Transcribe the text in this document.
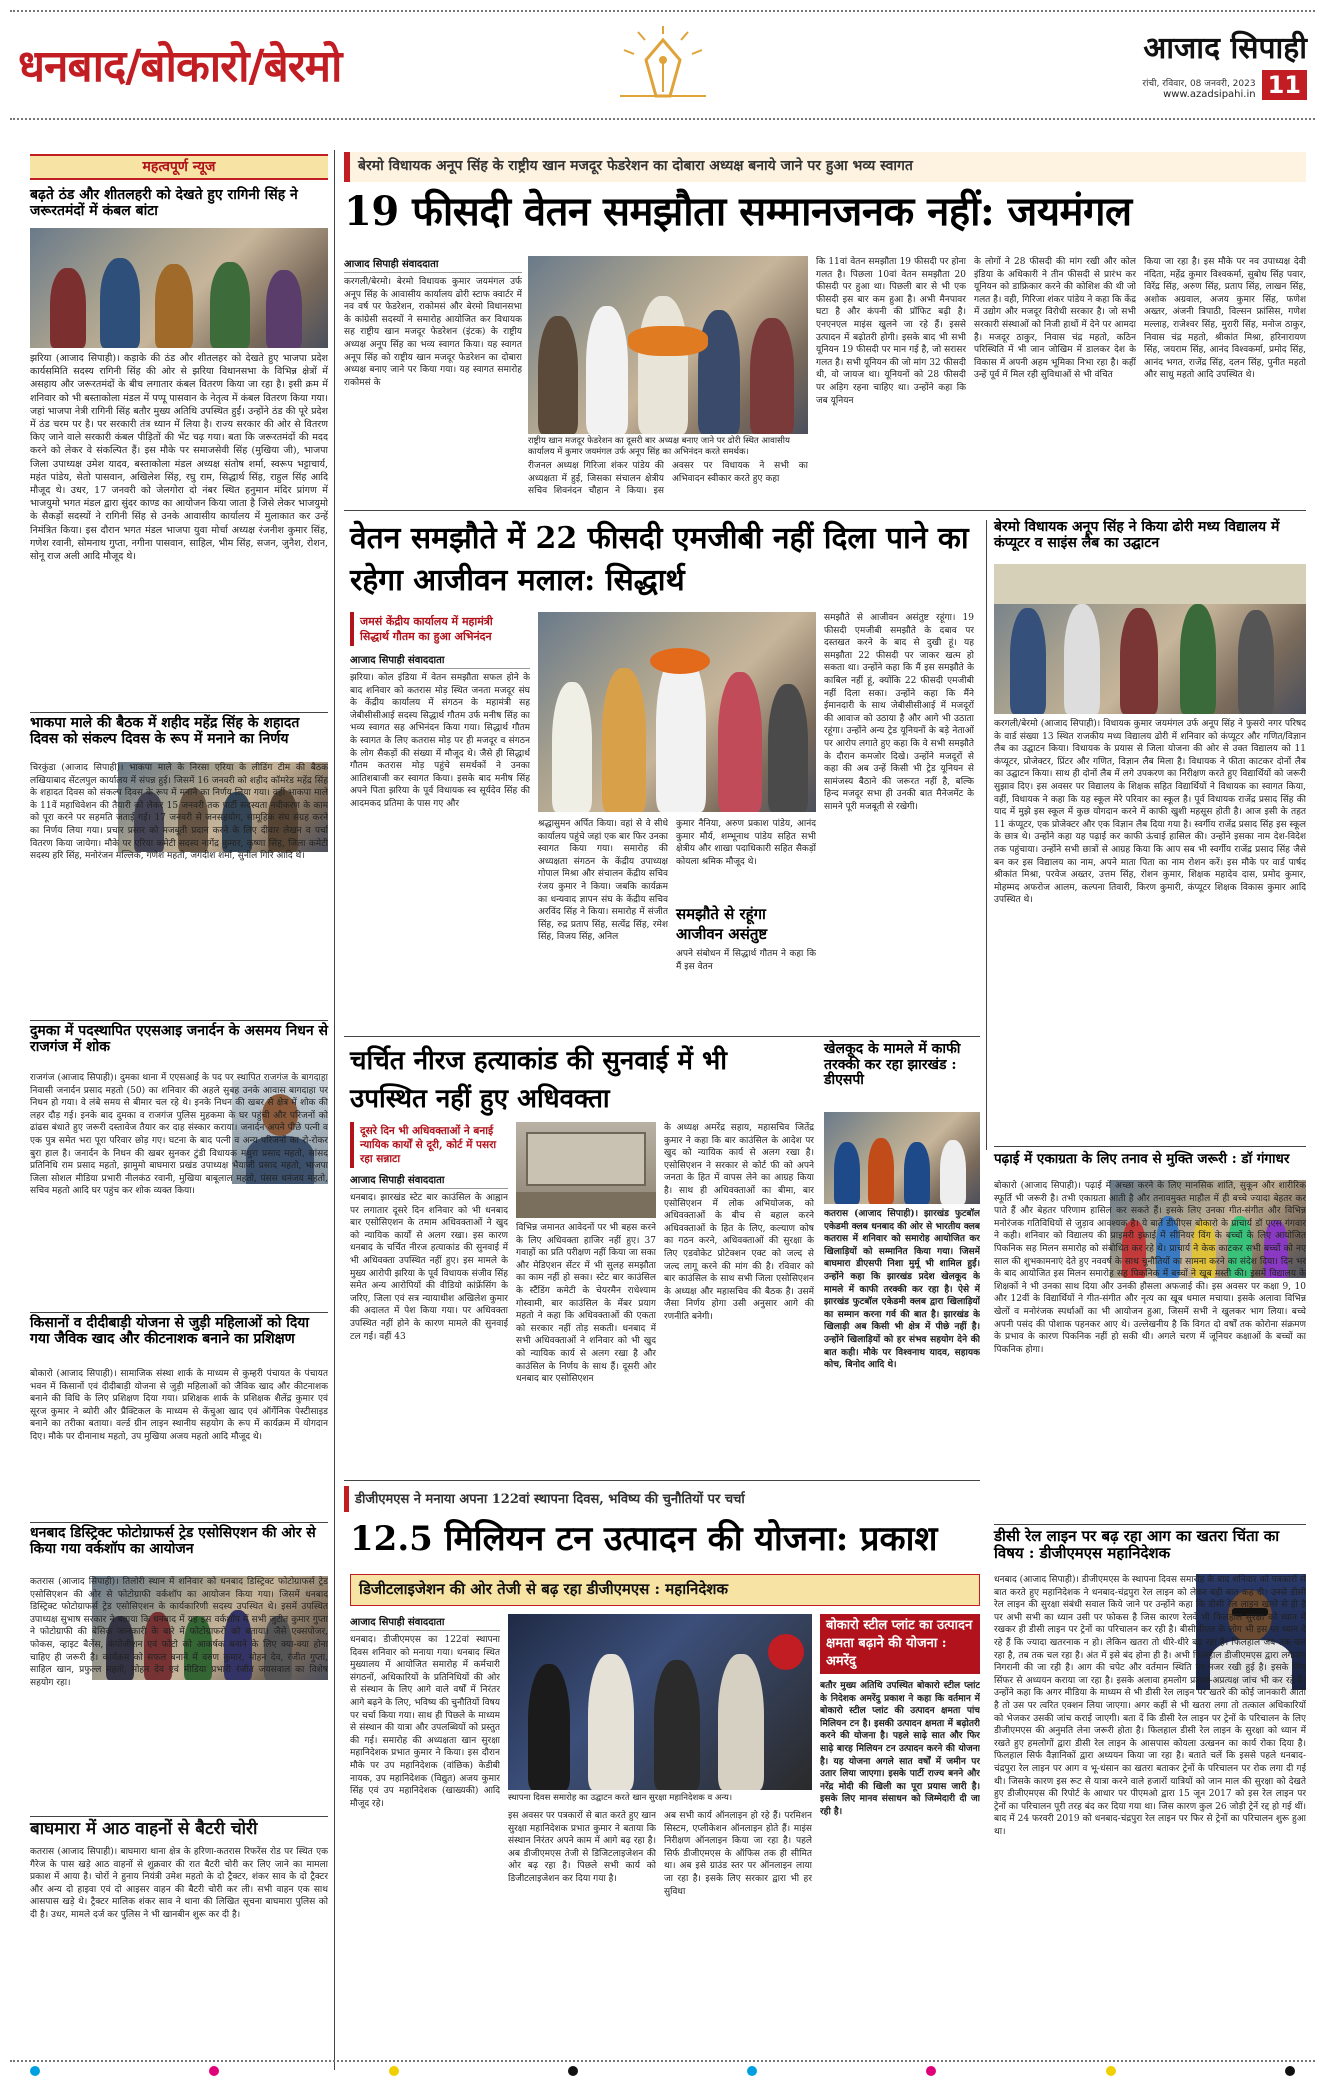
धनबाद/बोकारो/बेरमो	आजाद सिपाही
रांची, रविवार, 08 जनवरी, 2023
www.azadsipahi.in 11
महत्वपूर्ण न्यूज
बढ़ते ठंड और शीतलहरी को देखते हुए रागिनी सिंह ने जरूरतमंदों में कंबल बांटा
झरिया (आजाद सिपाही)। कड़ाके की ठंड और शीतलहर को देखते हुए भाजपा प्रदेश कार्यसमिति सदस्य रागिनी सिंह की ओर से झरिया विधानसभा के विभिन्न क्षेत्रों में असहाय और जरूरतमंदों के बीच लगातार कंबल वितरण किया जा रहा है। इसी क्रम में शनिवार को भी बस्ताकोला मंडल में पप्पू पासवान के नेतृत्व में कंबल वितरण किया गया। जहां भाजपा नेत्री रागिनी सिंह बतौर मुख्य अतिथि उपस्थित हुईं। उन्होंने ठंड की पूरे प्रदेश में ठंड चरम पर है। पर सरकारी तंत्र ध्यान में लिया है। राज्य सरकार की ओर से वितरण किए जाने वाले सरकारी कंबल पीड़ितों की भेंट चढ़ गया। बता कि जरूरतमंदों की मदद करने को लेकर वे संकल्पित हैं। इस मौके पर समाजसेवी सिंह (मुखिया जी), भाजपा जिला उपाध्यक्ष उमेश यादव, बस्ताकोला मंडल अध्यक्ष संतोष शर्मा, स्वरूप भट्टाचार्य, महंत पांडेय, सेतो पासवान, अखिलेश सिंह, रघु राम, सिद्धार्थ सिंह, राहुल सिंह आदि मौजूद थे। उधर, 17 जनवरी को जेलगोरा दो नंबर स्थित हनुमान मंदिर प्रांगण में भाजयुमो भगत मंडल द्वारा सुंदर काण्ड का आयोजन किया जाता है जिसे लेकर भाजयुमो के सैकड़ों सदस्यों ने रागिनी सिंह से उनके आवासीय कार्यालय में मुलाकात कर उन्हें निमंत्रित किया। इस दौरान भगत मंडल भाजपा युवा मोर्चा अध्यक्ष रंजनीश कुमार सिंह, गणेश रवानी, सोमनाथ गुप्ता, नगीना पासवान, साहिल, भीम सिंह, सजन, जुनैश, रोशन, सोनू राज अली आदि मौजूद थे।
भाकपा माले की बैठक में शहीद महेंद्र सिंह के शहादत दिवस को संकल्प दिवस के रूप में मनाने का निर्णय
चिरकुंडा (आजाद सिपाही)। भाकपा माले के निरसा एरिया के लीडिंग टीम की बैठक लखियाबाद सेंटलपुल कार्यालय में संपन्न हुई। जिसमें 16 जनवरी को शहीद कॉमरेड महेंद्र सिंह के शहादत दिवस को संकल्प दिवस के रूप में मनाने का निर्णय लिया गया। वहीं भाकपा माले के 11वें महाधिवेशन की तैयारी को लेकर 15 जनवरी तक पार्टी सदस्यता नवीकरण के काम को पूरा करने पर सहमति जताई गई। 17 जनवरी से जनसहयोग, सामूहिक संघ संग्रह करने का निर्णय लिया गया। प्रचार प्रसार को मजबूती प्रदान करने के लिए दीवार लेखन व पर्चा वितरण किया जायेगा। मौके पर एरिया कमेटी सदस्य नागेंद्र कुमार, कृष्णा सिंह, जिला कमेटी सदस्य हरि सिंह, मनोरंजन मल्लिक, गणेश महतो, जगदीश शर्मा, सुनील गिरि आदि थे।
दुमका में पदस्थापित एएसआइ जनार्दन के असमय निधन से राजगंज में शोक
राजगंज (आजाद सिपाही)। दुमका थाना में एएसआई के पद पर स्थापित राजगंज के बागदाहा निवासी जनार्दन प्रसाद महतो (50) का शनिवार की अहले सुबह उनके आवास बागदाहा पर निधन हो गया। वे लंबे समय से बीमार चल रहे थे। इनके निधन की खबर से क्षेत्र में शोक की लहर दौड़ गई। इनके बाद दुमका व राजगंज पुलिस मुहकमा के घर पहुंची और परिजनों को ढांढस बंधाते हुए जरूरी दस्तावेज तैयार कर दाह संस्कार कराया। जनार्दन अपने पीछे पत्नी व एक पुत्र समेत भरा पूरा परिवार छोड़ गए। घटना के बाद पत्नी व अन्य परिजनों का रो-रोकर बुरा हाल है। जनार्दन के निधन की खबर सुनकर टुंडी विधायक मथुरा प्रसाद महतो, सांसद प्रतिनिधि राम प्रसाद महतो, झामुमो बाघमारा प्रखंड उपाध्यक्ष भैयाजी प्रसाद महतो, भाजपा जिला सोशल मीडिया प्रभारी नीलकंठ रवानी, मुखिया बाबूलाल महतो, पंसस धनंजय महतो, सचिव महतो आदि घर पहुंच कर शोक व्यक्त किया।
किसानों व दीदीबाड़ी योजना से जुड़ी महिलाओं को दिया गया जैविक खाद और कीटनाशक बनाने का प्रशिक्षण
बोकारो (आजाद सिपाही)। सामाजिक संस्था शार्क के माध्यम से कुम्हरी पंचायत के पंचायत भवन में किसानों एवं दीदीबाड़ी योजना से जुड़ी महिलाओं को जैविक खाद और कीटनाशक बनाने की विधि के लिए प्रशिक्षण दिया गया। प्रशिक्षक शार्क के प्रशिक्षक शैलेंद्र कुमार एवं सूरज कुमार ने ब्योरी और प्रैक्टिकल के माध्यम से केंचुआ खाद एवं ऑर्गेनिक पेस्टीसाइड बनाने का तरीका बताया। वर्ल्ड ग्रीन लाइन स्थानीय सहयोग के रूप में कार्यक्रम में योगदान दिए। मौके पर दीनानाथ महतो, उप मुखिया अजय महतो आदि मौजूद थे।
धनबाद डिस्ट्रिक्ट फोटोग्राफर्स ट्रेड एसोसिएशन की ओर से किया गया वर्कशॉप का आयोजन
कतरास (आजाद सिपाही)। तिलोरी स्थान में शनिवार को धनबाद डिस्ट्रिक्ट फोटोग्राफर्स ट्रेड एसोसिएशन की ओर से फोटोग्राफी वर्कशॉप का आयोजन किया गया। जिसमें धनबाद डिस्ट्रिक्ट फोटोग्राफर्स ट्रेड एसोसिएशन के कार्यकारिणी सदस्य उपस्थित थे। इसमें उपस्थित उपाध्यक्ष सुभाष सरकार ने बताया कि धनबाद में यह इस वर्कशॉप में सभी जुटीत कुमार गुप्ता ने फोटोग्राफी की बेसिक जानकारी के बारे में फोटोग्राफरों को बताया। जैसे एक्सपोजर, फोकस, व्हाइट बैलेंस, कंपोजीशन एवं फोटो को आकर्षक बनाने के लिए क्या-क्या होना चाहिए ही जरूरी है। कार्यक्रम को सफल बनाने में वरुण कुमार, मोहन देव, रंजीत गुप्ता, साहिल खान, प्रफुल्ल महतो, मोहन देव एवं मीडिया प्रभारी रंजीत जयसवाल का विशेष सहयोग रहा।
बाघमारा में आठ वाहनों से बैटरी चोरी
कतरास (आजाद सिपाही)। बाघमारा थाना क्षेत्र के हरिणा-कतरास रिफरेंस रोड पर स्थित एक गैरेज के पास खड़े आठ वाहनों से शुक्रवार की रात बैटरी चोरी कर लिए जाने का मामला प्रकाश में आया है। चोरों ने हुनाय नियंत्री उमेश महतो के दो ट्रैक्टर, शंकर साव के दो ट्रैक्टर और अन्य दो हाइवा एवं दो आइसर वाहन की बैटरी चोरी कर ली। सभी वाहन एक साथ आसपास खड़े थे। ट्रैक्टर मालिक शंकर साव ने थाना की लिखित सूचना बाघमारा पुलिस को दी है। उधर, मामले दर्ज कर पुलिस ने भी खानबीन शुरू कर दी है।
बेरमो विधायक अनूप सिंह के राष्ट्रीय खान मजदूर फेडरेशन का दोबारा अध्यक्ष बनाये जाने पर हुआ भव्य स्वागत
19 फीसदी वेतन समझौता सम्मानजनक नहीं: जयमंगल
आजाद सिपाही संवाददाता
करगली/बेरमो। बेरमो विधायक कुमार जयमंगल उर्फ अनूप सिंह के आवासीय कार्यालय ढोरी स्टाफ क्वार्टर में नव वर्ष पर फेडरेशन, राकोमसं और बेरमो विधानसभा के कांग्रेसी सदस्यों ने समारोह आयोजित कर विधायक सह राष्ट्रीय खान मजदूर फेडरेशन (इंटक) के राष्ट्रीय अध्यक्ष अनूप सिंह का भव्य स्वागत किया। यह स्वागत अनूप सिंह को राष्ट्रीय खान मजदूर फेडरेशन का दोबारा अध्यक्ष बनाए जाने पर किया गया। यह स्वागत समारोह राकोमसं के
राष्ट्रीय खान मजदूर फेडरेशन का दूसरी बार अध्यक्ष बनाए जाने पर ढोरी स्थित आवासीय कार्यालय में कुमार जयमंगल उर्फ अनूप सिंह का अभिनंदन करते समर्थक।
रीजनल अध्यक्ष गिरिजा शंकर पांडेय की अध्यक्षता में हुई, जिसका संचालन क्षेत्रीय सचिव शिवनंदन चौहान ने किया। इस अवसर पर विधायक ने सभी का अभिवादन स्वीकार करते हुए कहा
कि 11वां वेतन समझौता 19 फीसदी पर होना गलत है। पिछला 10वां वेतन समझौता 20 फीसदी पर हुआ था। पिछली बार से भी एक फीसदी इस बार कम हुआ है। अभी मैनपावर घटा है और कंपनी की प्रॉफिट बढ़ी है। एनएनएल माइंस खुलने जा रहे हैं। इससे उत्पादन में बढ़ोतरी होगी। इसके बाद भी सभी यूनियन 19 फीसदी पर मान गई है, जो सरासर गलत है। सभी यूनियन की जो मांग 32 फीसदी थी, वो जायज था। यूनियनों को 28 फीसदी पर अड़िग रहना चाहिए था। उन्होंने कहा कि जब यूनियन
के लोगों ने 28 फीसदी की मांग रखी और कोल इंडिया के अधिकारी ने तीन फीसदी से प्रारंभ कर यूनियन को डाफ्रिकार करने की कोशिश की थी जो गलत है। वही, गिरिजा शंकर पांडेय ने कहा कि केंद्र में उद्योग और मजदूर विरोधी सरकार है। जो सभी सरकारी संस्थाओं को निजी हाथों में देने पर आमदा है। मजदूर ठाकुर, निवास चंद्र महतो, कठिन परिस्थिति में भी जान जोखिम में डालकर देश के विकास में अपनी अहम भूमिका निभा रहा है। कहीं उन्हें पूर्व में मिल रही सुविधाओं से भी वंचित
किया जा रहा है। इस मौके पर नव उपाध्यक्ष देवी नंदिता, महेंद्र कुमार विश्वकर्मा, सुबोध सिंह पवार, विरेंद्र सिंह, अरुण सिंह, प्रताप सिंह, लाखन सिंह, अशोक अग्रवाल, अजय कुमार सिंह, फणेश अख्तर, अंजनी त्रिपाठी, विल्सन फ्रांसिस, गणेश मल्लाह, राजेश्वर सिंह, मुरारी सिंह, मनोज ठाकुर, निवास चंद्र महतो, श्रीकांत मिश्रा, हरिनारायण सिंह, जयराम सिंह, आनंद विश्वकर्मा, प्रमोद सिंह, आनंद भगत, राजेंद्र सिंह, दलन सिंह, पुनीत महतो और साधु महतो आदि उपस्थित थे।
वेतन समझौते में 22 फीसदी एमजीबी नहीं दिला पाने का रहेगा आजीवन मलाल: सिद्धार्थ
जमसं केंद्रीय कार्यालय में महामंत्री सिद्धार्थ गौतम का हुआ अभिनंदन
आजाद सिपाही संवाददाता
झरिया। कोल इंडिया में वेतन समझौता सफल होने के बाद शनिवार को कतरास मोड़ स्थित जनता मजदूर संघ के केंद्रीय कार्यालय में संगठन के महामंत्री सह जेबीसीसीआई सदस्य सिद्धार्थ गौतम उर्फ मनीष सिंह का भव्य स्वागत सह अभिनंदन किया गया। सिद्धार्थ गौतम के स्वागत के लिए कतरास मोड़ पर ही मजदूर व संगठन के लोग सैकड़ों की संख्या में मौजूद थे। जैसे ही सिद्धार्थ गौतम कतरास मोड़ पहुंचे समर्थकों ने उनका आतिशबाजी कर स्वागत किया। इसके बाद मनीष सिंह अपने पिता झरिया के पूर्व विधायक स्व सूर्यदेव सिंह की आदमकद प्रतिमा के पास गए और
श्रद्धासुमन अर्पित किया। वहां से वे सीधे कार्यालय पहुंचे जहां एक बार फिर उनका स्वागत किया गया। समारोह की अध्यक्षता संगठन के केंद्रीय उपाध्यक्ष गोपाल मिश्रा और संचालन केंद्रीय सचिव रंजय कुमार ने किया। जबकि कार्यक्रम का धन्यवाद ज्ञापन संघ के केंद्रीय सचिव अरविंद सिंह ने किया। समारोह में संजीत सिंह, रुद्र प्रताप सिंह, सत्येंद्र सिंह, रमेश सिंह, विजय सिंह, अनिल
कुमार नैनिया, अरुण प्रकाश पांडेय, आनंद कुमार मौर्य, शम्भूनाथ पांडेय सहित सभी क्षेत्रीय और शाखा पदाधिकारी सहित सैकड़ों कोयला श्रमिक मौजूद थे।
समझौते से रहूंगा आजीवन असंतुष्ट
अपने संबोधन में सिद्धार्थ गौतम ने कहा कि मैं इस वेतन
समझौते से आजीवन असंतुष्ट रहूंगा। 19 फीसदी एमजीबी समझौते के दबाव पर दस्तखत करने के बाद से दुखी हूं। यह समझौता 22 फीसदी पर जाकर खत्म हो सकता था। उन्होंने कहा कि मैं इस समझौते के काबिल नहीं हूं, क्योंकि 22 फीसदी एमजीबी नहीं दिला सका। उन्होंने कहा कि मैंने ईमानदारी के साथ जेबीसीसीआई में मजदूरों की आवाज को उठाया है और आगे भी उठाता रहूंगा। उन्होंने अन्य ट्रेड यूनियनों के बड़े नेताओं पर आरोप लगाते हुए कहा कि वे सभी समझौते के दौरान कमजोर दिखे। उन्होंने मजदूरों से कहा की अब उन्हें किसी भी ट्रेड यूनियन से सामंजस्य बैठाने की जरूरत नहीं है, बल्कि हिन्द मजदूर सभा ही उनकी बात मैनेजमेंट के सामने पूरी मजबूती से रखेगी।
बेरमो विधायक अनूप सिंह ने किया ढोरी मध्य विद्यालय में कंप्यूटर व साइंस लैब का उद्घाटन
करगली/बेरमो (आजाद सिपाही)। विधायक कुमार जयमंगल उर्फ अनूप सिंह ने फुसरो नगर परिषद के वार्ड संख्या 13 स्थित राजकीय मध्य विद्यालय ढोरी में शनिवार को कंप्यूटर और गणित/विज्ञान लैब का उद्घाटन किया। विधायक के प्रयास से जिला योजना की ओर से उक्त विद्यालय को 11 कंप्यूटर, प्रोजेक्टर, प्रिंटर और गणित, विज्ञान लैब मिला है। विधायक ने फीता काटकर दोनों लैब का उद्घाटन किया। साथ ही दोनों लैब में लगे उपकरण का निरीक्षण करते हुए विद्यार्थियों को जरूरी सुझाव दिए। इस अवसर पर विद्यालय के शिक्षक सहित विद्यार्थियों ने विधायक का स्वागत किया, वहीं, विधायक ने कहा कि यह स्कूल मेरे परिवार का स्कूल है। पूर्व विधायक राजेंद्र प्रसाद सिंह की याद में मुझे इस स्कूल में कुछ योगदान करने में काफी खुशी महसूस होती है। आज इसी के तहत 11 कंप्यूटर, एक प्रोजेक्टर और एक विज्ञान लैब दिया गया है। स्वर्गीय राजेंद्र प्रसाद सिंह इस स्कूल के छात्र थे। उन्होंने कहा यह पढ़ाई कर काफी ऊंचाई हासिल की। उन्होंने इसका नाम देश-विदेश तक पहुंचाया। उन्होंने सभी छात्रों से आग्रह किया कि आप सब भी स्वर्गीय राजेंद्र प्रसाद सिंह जैसे बन कर इस विद्यालय का नाम, अपने माता पिता का नाम रोशन करें। इस मौके पर वार्ड पार्षद श्रीकांत मिश्रा, परवेज अख्तर, उत्तम सिंह, रोशन कुमार, शिक्षक महादेव दास, प्रमोद कुमार, मोहम्मद अफरोज आलम, कल्पना तिवारी, किरण कुमारी, कंप्यूटर शिक्षक विकास कुमार आदि उपस्थित थे।
चर्चित नीरज हत्याकांड की सुनवाई में भी उपस्थित नहीं हुए अधिवक्ता
दूसरे दिन भी अधिवक्ताओं ने बनाई न्यायिक कार्यों से दूरी, कोर्ट में पसरा रहा सन्नाटा
आजाद सिपाही संवाददाता
धनबाद। झारखंड स्टेट बार काउंसिल के आह्वान पर लगातार दूसरे दिन शनिवार को भी धनबाद बार एसोसिएशन के तमाम अधिवक्ताओं ने खुद को न्यायिक कार्यों से अलग रखा। इस कारण धनबाद के चर्चित नीरज हत्याकांड की सुनवाई में भी अधिवक्ता उपस्थित नहीं हुए। इस मामले के मुख्य आरोपी झरिया के पूर्व विधायक संजीव सिंह समेत अन्य आरोपियों की वीडियो कांफ्रेंसिंग के जरिए, जिला एवं सत्र न्यायाधीश अखिलेश कुमार की अदालत में पेश किया गया। पर अधिवक्ता उपस्थित नहीं होने के कारण मामले की सुनवाई टल गई। वहीं 43
विभिन्न जमानत आवेदनों पर भी बहस करने के लिए अधिवक्ता हाजिर नहीं हुए। 37 गवाहों का प्रति परीक्षण नहीं किया जा सका और मेडिएशन सेंटर में भी सुलह समझौता का काम नहीं हो सका। स्टेट बार काउंसिल के स्टैंडिंग कमेटी के चेयरमैन राधेश्याम गोस्वामी, बार काउंसिल के मेंबर प्रयाग महतो ने कहा कि अधिवक्ताओं की एकता को सरकार नहीं तोड़ सकती। धनबाद में सभी अधिवक्ताओं ने शनिवार को भी खुद को न्यायिक कार्य से अलग रखा है और काउंसिल के निर्णय के साथ हैं। दूसरी ओर धनबाद बार एसोसिएशन
के अध्यक्ष अमरेंद्र सहाय, महासचिव जितेंद्र कुमार ने कहा कि बार काउंसिल के आदेश पर खुद को न्यायिक कार्य से अलग रखा है। एसोसिएशन ने सरकार से कोर्ट फी को अपने जनता के हित में वापस लेने का आग्रह किया है। साथ ही अधिवक्ताओं का बीमा, बार एसोसिएशन में लोक अभियोजक, को अधिवक्ताओं के बीच से बहाल करने अधिवक्ताओं के हित के लिए, कल्याण कोष का गठन करने, अधिवक्ताओं की सुरक्षा के लिए एडवोकेट प्रोटेक्शन एक्ट को जल्द से जल्द लागू करने की मांग की है। रविवार को बार काउंसिल के साथ सभी जिला एसोसिएशन के अध्यक्ष और महासचिव की बैठक है। उसमें जैसा निर्णय होगा उसी अनुसार आगे की रणनीति बनेगी।
खेलकूद के मामले में काफी तरक्की कर रहा झारखंड : डीएसपी
कतरास (आजाद सिपाही)। झारखंड फुटबॉल एकेडमी क्लब धनबाद की ओर से भारतीय क्लब कतरास में शनिवार को समारोह आयोजित कर खिलाड़ियों को सम्मानित किया गया। जिसमें बाघमारा डीएसपी निशा मुर्मू भी शामिल हुईं। उन्होंने कहा कि झारखंड प्रदेश खेलकूद के मामले में काफी तरक्की कर रहा है। ऐसे में झारखंड फुटबॉल एकेडमी क्लब द्वारा खिलाड़ियों का सम्मान करना गर्व की बात है। झारखंड के खिलाड़ी अब किसी भी क्षेत्र में पीछे नहीं है। उन्होंने खिलाड़ियों को हर संभव सहयोग देने की बात कही। मौके पर विश्वनाथ यादव, सहायक कोच, बिनोद आदि थे।
पढ़ाई में एकाग्रता के लिए तनाव से मुक्ति जरूरी : डॉ गंगाधर
बोकारो (आजाद सिपाही)। पढ़ाई में अच्छा करने के लिए मानसिक शांति, सुकून और शारीरिक स्फूर्ति भी जरूरी है। तभी एकाग्रता आती है और तनावमुक्त माहौल में ही बच्चे ज्यादा बेहतर कर पाते हैं और बेहतर परिणाम हासिल कर सकते हैं। इसके लिए उनका गीत-संगीत और विभिन्न मनोरंजक गतिविधियों से जुड़ाव आवश्यक है। ये बातें डीपीएस बोकारो के प्राचार्य डॉ एएस गंगवार ने कही। शनिवार को विद्यालय की प्राइमरी इकाई में सीनियर विंग के बच्चों के लिए आयोजित पिकनिक सह मिलन समारोह को संबोधित कर रहे थे। प्राचार्य ने केक काटकर सभी बच्चों को नए साल की शुभकामनाएं देते हुए नववर्ष के साथ चुनौतियों का सामना करने का संदेश दिया। दिन भर के बाद आयोजित इस मिलन समारोह सह पिकनिक में बच्चों ने खूब मस्ती की। इसमें विद्यालय के शिक्षकों ने भी उनका साथ दिया और उनकी हौसला अफजाई की। इस अवसर पर कक्षा 9, 10 और 12वीं के विद्यार्थियों ने गीत-संगीत और नृत्य का खूब धमाल मचाया। इसके अलावा विभिन्न खेलों व मनोरंजक स्पर्धाओं का भी आयोजन हुआ, जिसमें सभी ने खुलकर भाग लिया। बच्चे अपनी पसंद की पोशाक पहनकर आए थे। उल्लेखनीय है कि विगत दो वर्षों तक कोरोना संक्रमण के प्रभाव के कारण पिकनिक नहीं हो सकी थी। अगले चरण में जूनियर कक्षाओं के बच्चों का पिकनिक होगा।
डीजीएमएस ने मनाया अपना 122वां स्थापना दिवस, भविष्य की चुनौतियों पर चर्चा
12.5 मिलियन टन उत्पादन की योजना: प्रकाश
डिजीटलाइजेशन की ओर तेजी से बढ़ रहा डीजीएमएस : महानिदेशक
आजाद सिपाही संवाददाता
धनबाद। डीजीएमएस का 122वां स्थापना दिवस शनिवार को मनाया गया। धनबाद स्थित मुख्यालय में आयोजित समारोह में कर्मचारी संगठनों, अधिकारियों के प्रतिनिधियों की ओर से संस्थान के लिए आगे वाले वर्षों में निरंतर आगे बढ़ने के लिए, भविष्य की चुनौतियों विषय पर चर्चा किया गया। साथ ही पिछले के माध्यम से संस्थान की यात्रा और उपलब्धियों को प्रस्तुत की गई। समारोह की अध्यक्षता खान सुरक्षा महानिदेशक प्रभात कुमार ने किया। इस दौरान मौके पर उप महानिदेशक (वांछिक) केडीबी नायक, उप महानिदेशक (विद्युत) अजय कुमार सिंह एवं उप महानिदेशक (खाख्यकी) आदि मौजूद रहे।
स्थापना दिवस समारोह का उद्घाटन करते खान सुरक्षा महानिदेशक व अन्य।
इस अवसर पर पत्रकारों से बात करते हुए खान सुरक्षा महानिदेशक प्रभात कुमार ने बताया कि संस्थान निरंतर अपने काम में आगे बढ़ रहा है। अब डीजीएमएस तेजी से डिजिटलाइजेशन की ओर बढ़ रहा है। पिछले सभी कार्य को डिजीटलाइजेशन कर दिया गया है।
अब सभी कार्य ऑनलाइन हो रहे हैं। परमिशन सिस्टम, एप्लीकेशन ऑनलाइन होते हैं। माइंस निरीक्षण ऑनलाइन किया जा रहा है। पहले सिर्फ डीजीएमएस के ऑफिस तक ही सीमित था। अब इसे ग्राउंड स्तर पर ऑनलाइन लाया जा रहा है। इसके लिए सरकार द्वारा भी हर सुविधा
बोकारो स्टील प्लांट का उत्पादन क्षमता बढ़ाने की योजना : अमरेंदु
बतौर मुख्य अतिथि उपस्थित बोकारो स्टील प्लांट के निदेशक अमरेंदु प्रकाश ने कहा कि वर्तमान में बोकारो स्टील प्लांट की उत्पादन क्षमता पांच मिलियन टन है। इसकी उत्पादन क्षमता में बढ़ोतरी करने की योजना है। पहले साढ़े सात और फिर साढ़े बारह मिलियन टन उत्पादन करने की योजना है। यह योजना अगले सात वर्षों में जमीन पर उतार लिया जाएगा। इसके पार्टी राज्य बनने और नरेंद्र मोदी की खिली का पूरा प्रयास जारी है। इसके लिए मानव संसाधन को जिम्मेदारी दी जा रही है।
डीसी रेल लाइन पर बढ़ रहा आग का खतरा चिंता का विषय : डीजीएमएस महानिदेशक
धनबाद (आजाद सिपाही)। डीजीएमएस के स्थापना दिवस समारोह के बाद शनिवार को पत्रकारों से बात करते हुए महानिदेशक ने धनबाद-चंद्रपुरा रेल लाइन को लेकर बड़ी बात कह दी। उनसे डीसी रेल लाइन की सुरक्षा संबंधी सवाल किये जाने पर उन्होंने कहा कि डीसी रेल लाइन खतरे से ही है पर अभी सभी का ध्यान उसी पर फोकस है जिस कारण रेलवे भी फिलहाल सुरक्षा को ध्यान में रखकर ही डीसी लाइन पर ट्रेनों का परिचालन कर रही है। बीसीसीएल के लोग भी इस पर ध्यान दे रहे हैं कि ज्यादा खतरनाक न हो। लेकिन खतरा तो धीरे-धीरे बढ़ रहा है। फिलहाल जब तक चल रहा है, तब तक चल रहा है। अंत में इसे बंद होना ही है। अभी फिलहाल डीजीएमएस द्वारा लगातार निगरानी की जा रही है। आग की चपेट और वर्तमान स्थिति पर नजर रखी हुई है। इसके लिए सिंफर से अध्ययन कराया जा रहा है। इसके अलावा हमलोग प्रत्यक्ष-अप्रत्यक्ष जांच भी कर रहे हैं। उन्होंने कहा कि अगर मीडिया के माध्यम से भी डीसी रेल लाइन पर खतरे की कोई जानकारी आती है तो उस पर त्वरित एक्शन लिया जाएगा। अगर कहीं से भी खतरा लगा तो तत्काल अधिकारियों को भेजकर उसकी जांच कराई जाएगी। बता दें कि डीसी रेल लाइन पर ट्रेनों के परिचालन के लिए डीजीएमएस की अनुमति लेना जरूरी होता है। फिलहाल डीसी रेल लाइन के सुरक्षा को ध्यान में रखते हुए हमलोगों द्वारा डीसी रेल लाइन के आसपास कोयला उत्खनन का कार्य रोका दिया है। फिलहाल सिर्फ वैज्ञानिकों द्वारा अध्ययन किया जा रहा है। बताते चलें कि इससे पहले धनबाद-चंद्रपुरा रेल लाइन पर आग व भू-धंसान का खतरा बताकर ट्रेनों के परिचालन पर रोक लगा दी गई थी। जिसके कारण इस रूट से यात्रा करने वाले हजारों यात्रियों को जान माल की सुरक्षा को देखते हुए डीजीएमएस की रिपोर्ट के आधार पर पीएमओ द्वारा 15 जून 2017 को इस रेल लाइन पर ट्रेनों का परिचालन पूरी तरह बंद कर दिया गया था। जिस कारण कुल 26 जोड़ी ट्रेनें रद्द हो गई थीं। बाद में 24 फरवरी 2019 को धनबाद-चंद्रपुरा रेल लाइन पर फिर से ट्रेनों का परिचालन शुरू हुआ था।
